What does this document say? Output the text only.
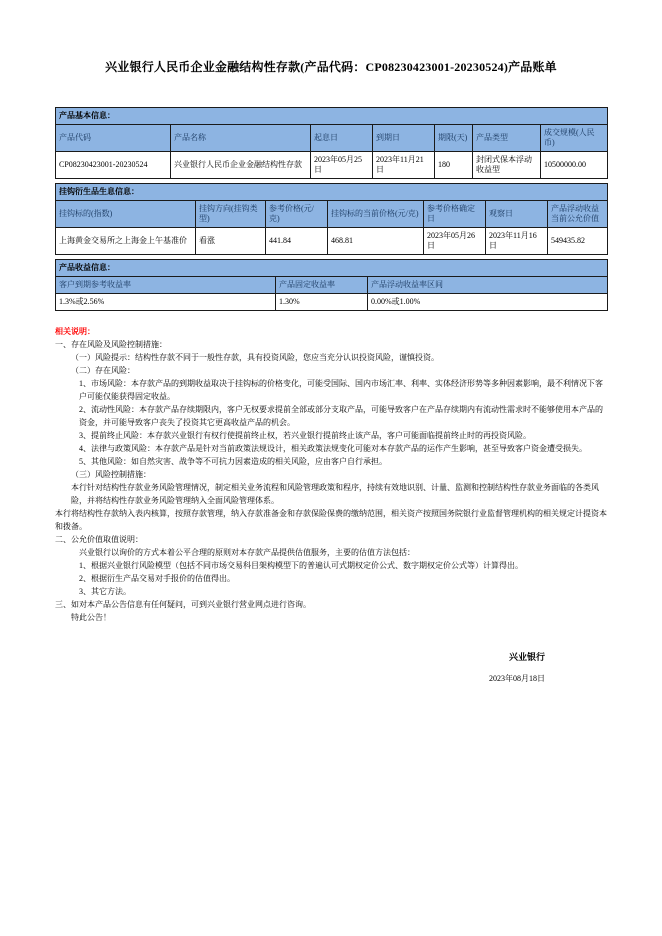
兴业银行人民币企业金融结构性存款(产品代码：CP08230423001-20230524)产品账单
产品基本信息：						
产品代码	产品名称	起息日	到期日	期限(天)	产品类型	成交规模(人民币)
CP08230423001-20230524	兴业银行人民币企业金融结构性存款	2023年05月25日	2023年11月21日	180	封闭式保本浮动收益型	10500000.00
挂钩衍生品生息信息：						
挂钩标的(指数)	挂钩方向(挂钩类型)	参考价格(元/克)	挂钩标的当前价格(元/克)	参考价格确定日	观察日	产品浮动收益当前公允价值
上海黄金交易所之上海金上午基准价	看涨	441.84	468.81	2023年05月26日	2023年11月16日	549435.82
产品收益信息：		
客户到期参考收益率	产品固定收益率	产品浮动收益率区间
1.3%或2.56%	1.30%	0.00%或1.00%
相关说明：
一、存在风险及风险控制措施：
（一）风险提示：结构性存款不同于一般性存款，具有投资风险，您应当充分认识投资风险，谨慎投资。
（二）存在风险：
1、市场风险：本存款产品的到期收益取决于挂钩标的价格变化，可能受国际、国内市场汇率、利率、实体经济形势等多种因素影响，最不利情况下客户可能仅能获得固定收益。
2、流动性风险：本存款产品存续期限内，客户无权要求提前全部或部分支取产品，可能导致客户在产品存续期内有流动性需求时不能够使用本产品的资金，并可能导致客户丧失了投资其它更高收益产品的机会。
3、提前终止风险：本存款兴业银行有权行使提前终止权，若兴业银行提前终止该产品，客户可能面临提前终止时的再投资风险。
4、法律与政策风险：本存款产品是针对当前政策法规设计，相关政策法规变化可能对本存款产品的运作产生影响，甚至导致客户资金遭受损失。
5、其他风险：如自然灾害、战争等不可抗力因素造成的相关风险，应由客户自行承担。
（三）风险控制措施：
本行针对结构性存款业务风险管理情况，制定相关业务流程和风险管理政策和程序，持续有效地识别、计量、监测和控制结构性存款业务面临的各类风险，并将结构性存款业务风险管理纳入全面风险管理体系。
本行将结构性存款纳入表内核算，按照存款管理，纳入存款准备金和存款保险保费的缴纳范围，相关资产按照国务院银行业监督管理机构的相关规定计提资本和拨备。
二、公允价值取值说明：
兴业银行以询价的方式本着公平合理的原则对本存款产品提供估值服务，主要的估值方法包括：
1、根据兴业银行风险模型（包括不同市场交易科目架构模型下的普遍认可式期权定价公式、数字期权定价公式等）计算得出。
2、根据衍生产品交易对手报价的估值得出。
3、其它方法。
三、如对本产品公告信息有任何疑问，可到兴业银行营业网点进行咨询。
特此公告！
兴业银行
2023年08月18日
